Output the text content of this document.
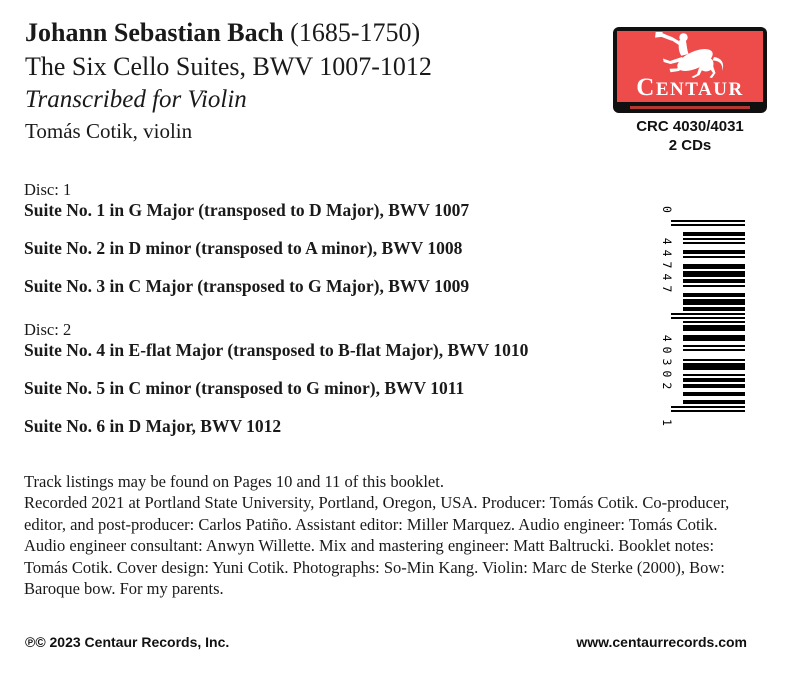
Johann Sebastian Bach (1685-1750)
The Six Cello Suites, BWV 1007-1012
Transcribed for Violin
Tomás Cotik, violin
CENTAUR
CRC 4030/4031
2 CDs
0
44747
40302
1
Disc: 1

Suite No. 1 in G Major (transposed to D Major), BWV 1007

Suite No. 2 in D minor (transposed to A minor), BWV 1008

Suite No. 3 in C Major (transposed to G Major), BWV 1009

Disc: 2

Suite No. 4 in E-flat Major (transposed to B-flat Major), BWV 1010

Suite No. 5 in C minor (transposed to G minor), BWV 1011

Suite No. 6 in D Major, BWV 1012

Track listings may be found on Pages 10 and 11 of this booklet.

Recorded 2021 at Portland State University, Portland, Oregon, USA. Producer: Tomás Cotik. Co-producer,
editor, and post-producer: Carlos Patiño. Assistant editor: Miller Marquez. Audio engineer: Tomás Cotik.
Audio engineer consultant: Anwyn Willette. Mix and mastering engineer: Matt Baltrucki. Booklet notes:
Tomás Cotik. Cover design: Yuni Cotik. Photographs: So-Min Kang. Violin: Marc de Sterke (2000), Bow:
Baroque bow. For my parents.
℗© 2023 Centaur Records, Inc.	www.centaurrecords.com
